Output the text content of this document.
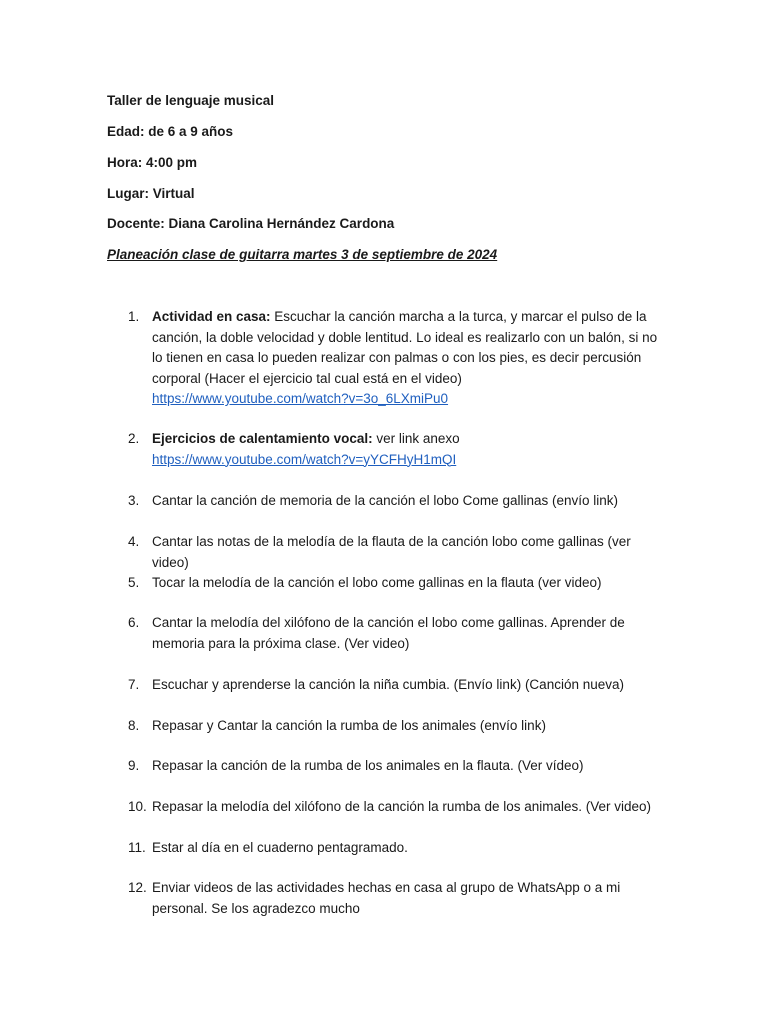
Taller de lenguaje musical
Edad: de 6 a 9 años
Hora: 4:00 pm
Lugar: Virtual
Docente: Diana Carolina Hernández Cardona
Planeación clase de guitarra martes 3 de septiembre de 2024
1. Actividad en casa: Escuchar la canción marcha a la turca, y marcar el pulso de la canción, la doble velocidad y doble lentitud. Lo ideal es realizarlo con un balón, si no lo tienen en casa lo pueden realizar con palmas o con los pies, es decir percusión corporal (Hacer el ejercicio tal cual está en el video)
https://www.youtube.com/watch?v=3o_6LXmiPu0
2. Ejercicios de calentamiento vocal: ver link anexo
https://www.youtube.com/watch?v=yYCFHyH1mQI
3. Cantar la canción de memoria de la canción el lobo Come gallinas (envío link)
4. Cantar las notas de la melodía de la flauta de la canción lobo come gallinas (ver video)
5. Tocar la melodía de la canción el lobo come gallinas en la flauta (ver video)
6. Cantar la melodía del xilófono de la canción el lobo come gallinas. Aprender de memoria para la próxima clase. (Ver video)
7. Escuchar y aprenderse la canción la niña cumbia. (Envío link) (Canción nueva)
8. Repasar y Cantar la canción la rumba de los animales (envío link)
9. Repasar la canción de la rumba de los animales en la flauta. (Ver vídeo)
10. Repasar la melodía del xilófono de la canción la rumba de los animales. (Ver video)
11. Estar al día en el cuaderno pentagramado.
12. Enviar videos de las actividades hechas en casa al grupo de WhatsApp o a mi personal. Se los agradezco mucho
